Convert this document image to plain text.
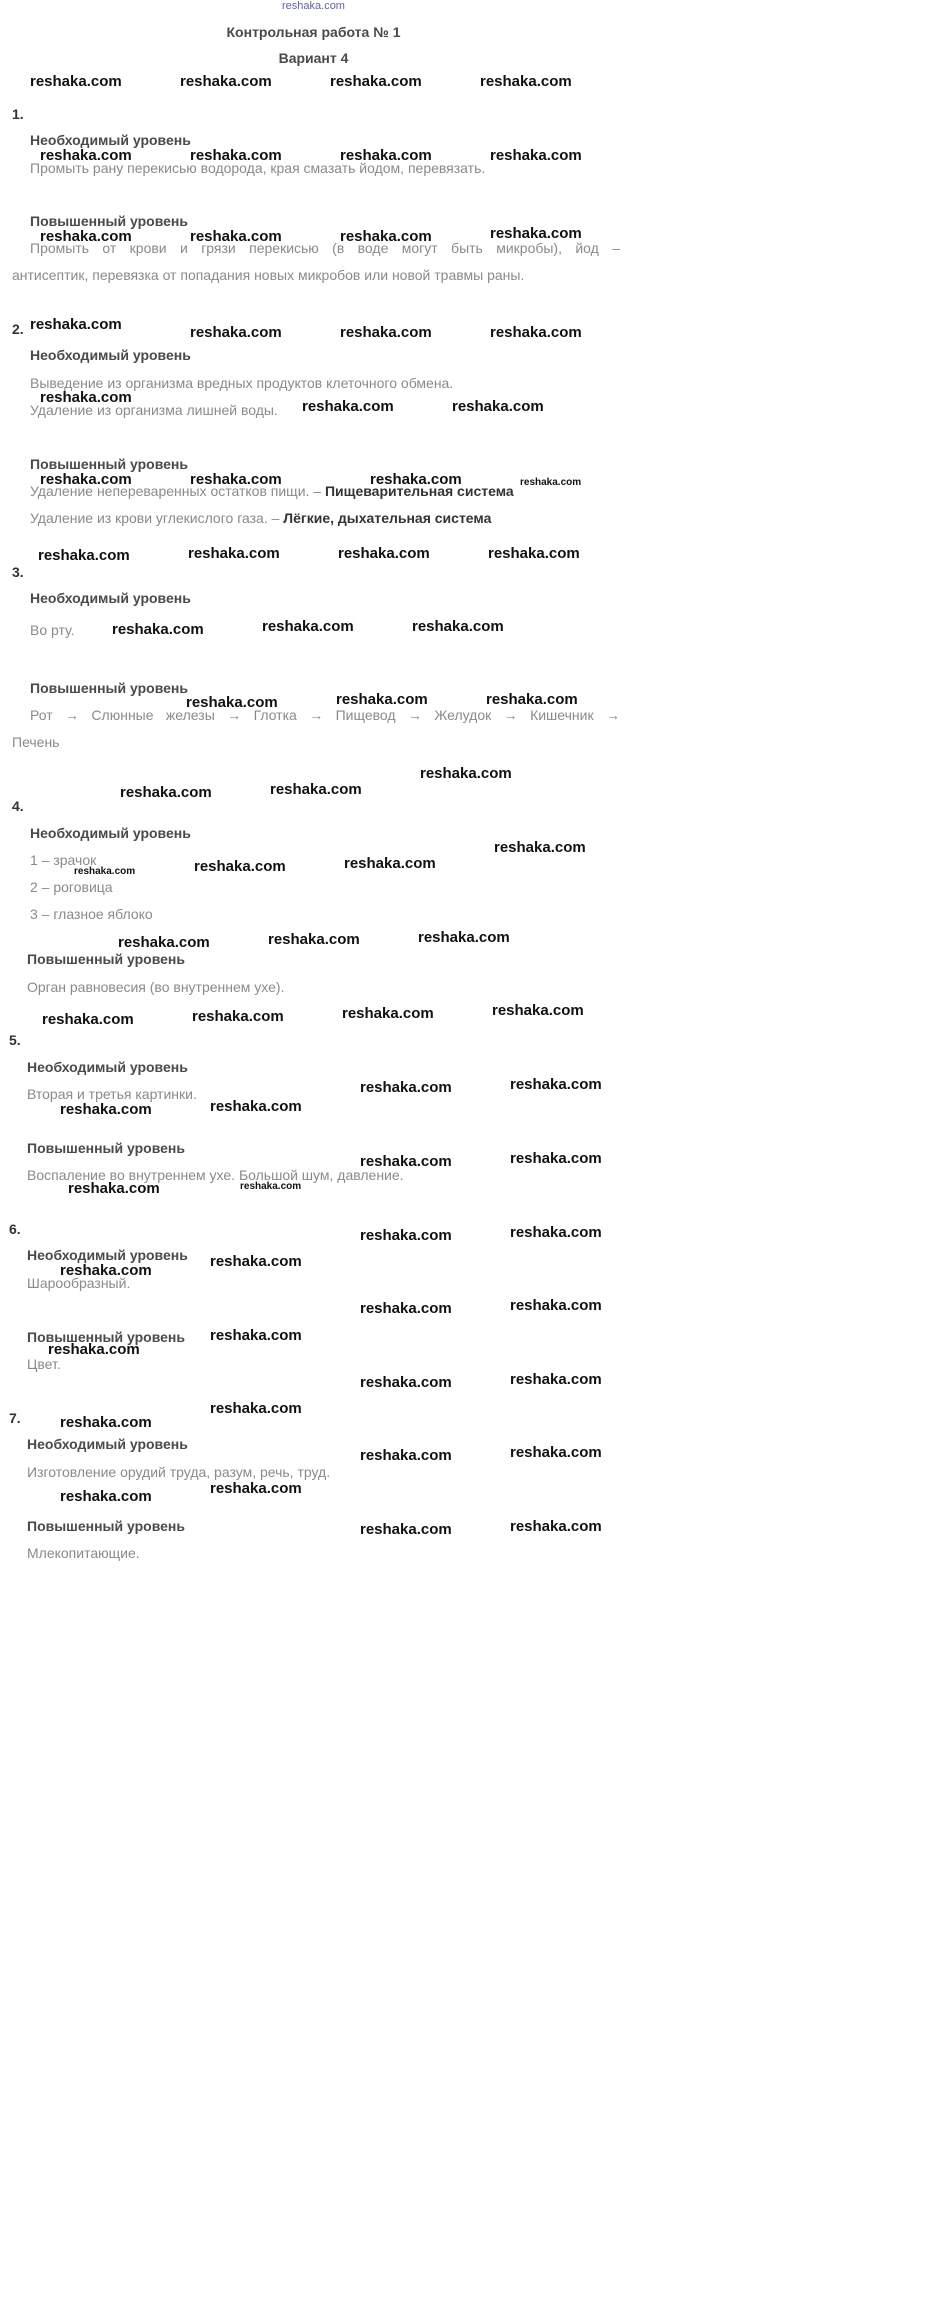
reshaka.com
Контрольная работа № 1
Вариант 4
1.
Необходимый уровень
Промыть рану перекисью водорода, края смазать йодом, перевязать.
Повышенный уровень
Промыть от крови и грязи перекисью (в воде могут быть микробы), йод –
антисептик, перевязка от попадания новых микробов или новой травмы раны.
2.
Необходимый уровень
Выведение из организма вредных продуктов клеточного обмена.
Удаление из организма лишней воды.
Повышенный уровень
Удаление непереваренных остатков пищи. – Пищеварительная система
Удаление из крови углекислого газа. – Лёгкие, дыхательная система
3.
Необходимый уровень
Во рту.
Повышенный уровень
Рот → Слюнные железы → Глотка → Пищевод → Желудок → Кишечник →
Печень
4.
Необходимый уровень
1 – зрачок
2 – роговица
3 – глазное яблоко
Повышенный уровень
Орган равновесия (во внутреннем ухе).
5.
Необходимый уровень
Вторая и третья картинки.
Повышенный уровень
Воспаление во внутреннем ухе. Большой шум, давление.
6.
Необходимый уровень
Шарообразный.
Повышенный уровень
Цвет.
7.
Необходимый уровень
Изготовление орудий труда, разум, речь, труд.
Повышенный уровень
Млекопитающие.
reshaka.com	reshaka.com	reshaka.com	reshaka.com
reshaka.com	reshaka.com	reshaka.com	reshaka.com
reshaka.com	reshaka.com	reshaka.com	reshaka.com
reshaka.com	reshaka.com	reshaka.com	reshaka.com
reshaka.com
reshaka.com	reshaka.com
reshaka.com	reshaka.com	reshaka.com	reshaka.com
reshaka.com	reshaka.com	reshaka.com	reshaka.com
reshaka.com	reshaka.com	reshaka.com
reshaka.com	reshaka.com	reshaka.com
reshaka.com
reshaka.com	reshaka.com
reshaka.com
reshaka.com	reshaka.com	reshaka.com
reshaka.com	reshaka.com	reshaka.com
reshaka.com	reshaka.com	reshaka.com	reshaka.com
reshaka.com	reshaka.com
reshaka.com	reshaka.com
reshaka.com	reshaka.com
reshaka.com
reshaka.com
reshaka.com	reshaka.com
reshaka.com
reshaka.com
reshaka.com	reshaka.com
reshaka.com
reshaka.com
reshaka.com	reshaka.com
reshaka.com
reshaka.com
reshaka.com	reshaka.com
reshaka.com
reshaka.com
reshaka.com	reshaka.com
